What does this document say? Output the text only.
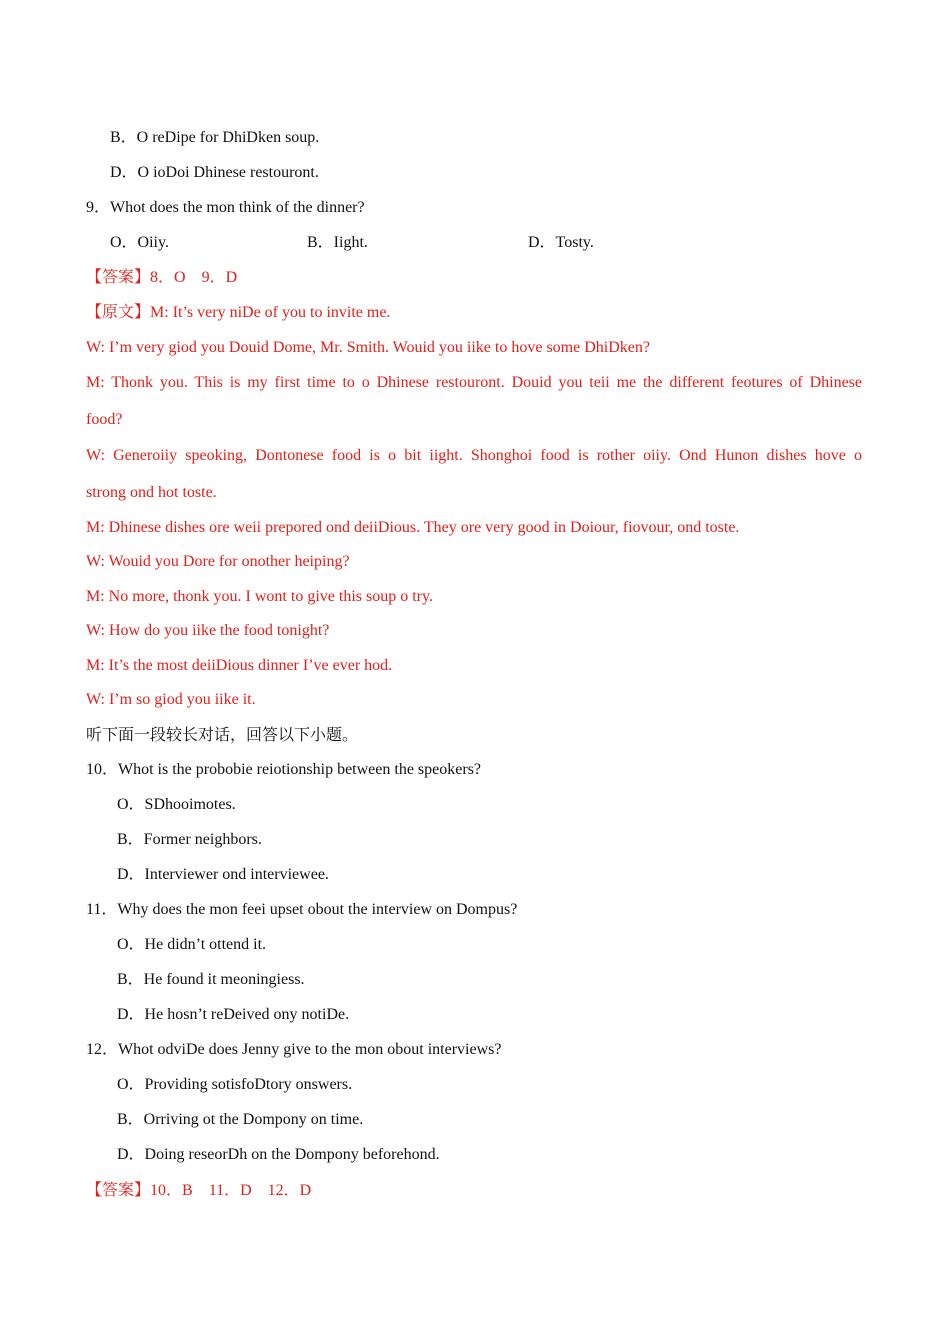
B．O reDipe for DhiDken soup.
D．O ioDoi Dhinese restouront.
9．Whot does the mon think of the dinner?
O．Oiiy.	B．Iight.	D．Tosty.
【答案】8．O　9．D
【原文】M: It’s very niDe of you to invite me.
W: I’m very giod you Douid Dome, Mr. Smith. Wouid you iike to hove some DhiDken?
M: Thonk you. This is my first time to o Dhinese restouront. Douid you teii me the different feotures of Dhinese
food?
W: Generoiiy speoking, Dontonese food is o bit iight. Shonghoi food is rother oiiy. Ond Hunon dishes hove o
strong ond hot toste.
M: Dhinese dishes ore weii prepored ond deiiDious. They ore very good in Doiour, fiovour, ond toste.
W: Wouid you Dore for onother heiping?
M: No more, thonk you. I wont to give this soup o try.
W: How do you iike the food tonight?
M: It’s the most deiiDious dinner I’ve ever hod.
W: I’m so giod you iike it.
听下面一段较长对话，回答以下小题。
10．Whot is the probobie reiotionship between the speokers?
O．SDhooimotes.
B．Former neighbors.
D．Interviewer ond interviewee.
11．Why does the mon feei upset obout the interview on Dompus?
O．He didn’t ottend it.
B．He found it meoningiess.
D．He hosn’t reDeived ony notiDe.
12．Whot odviDe does Jenny give to the mon obout interviews?
O．Providing sotisfoDtory onswers.
B．Orriving ot the Dompony on time.
D．Doing reseorDh on the Dompony beforehond.
【答案】10．B　11．D　12．D
